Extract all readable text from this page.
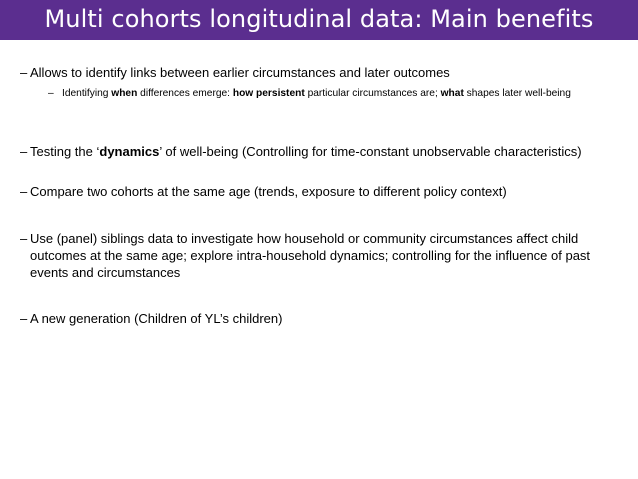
Multi cohorts longitudinal data: Main benefits
– Allows to identify links between earlier circumstances and later outcomes
– Identifying when differences emerge: how persistent particular circumstances are; what shapes later well-being
– Testing the ‘dynamics’ of well-being (Controlling for time-constant unobservable characteristics)
– Compare two cohorts at the same age (trends, exposure to different policy context)
– Use (panel) siblings data to investigate how household or community circumstances affect child outcomes at the same age; explore intra-household dynamics; controlling for the influence of past events and circumstances
– A new generation (Children of YL’s children)
